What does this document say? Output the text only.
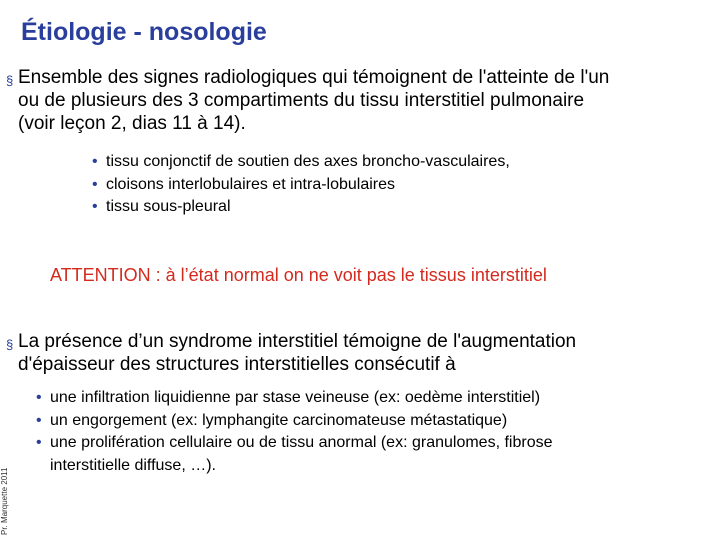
Étiologie - nosologie
§ Ensemble des signes radiologiques qui témoignent de l'atteinte de l'un
ou de plusieurs des 3 compartiments du tissu interstitiel pulmonaire
(voir leçon 2, dias 11 à 14).
• tissu conjonctif de soutien des axes broncho-vasculaires,
• cloisons interlobulaires et intra-lobulaires
• tissu sous-pleural
ATTENTION : à l’état normal on ne voit pas le tissus interstitiel
§ La présence d’un syndrome interstitiel témoigne de l'augmentation
d'épaisseur des structures interstitielles consécutif à
• une infiltration liquidienne par stase veineuse (ex: oedème interstitiel)
• un engorgement (ex: lymphangite carcinomateuse métastatique)
• une prolifération cellulaire ou de tissu anormal (ex: granulomes, fibrose
interstitielle diffuse, …).
Pr. Marquette 2011
